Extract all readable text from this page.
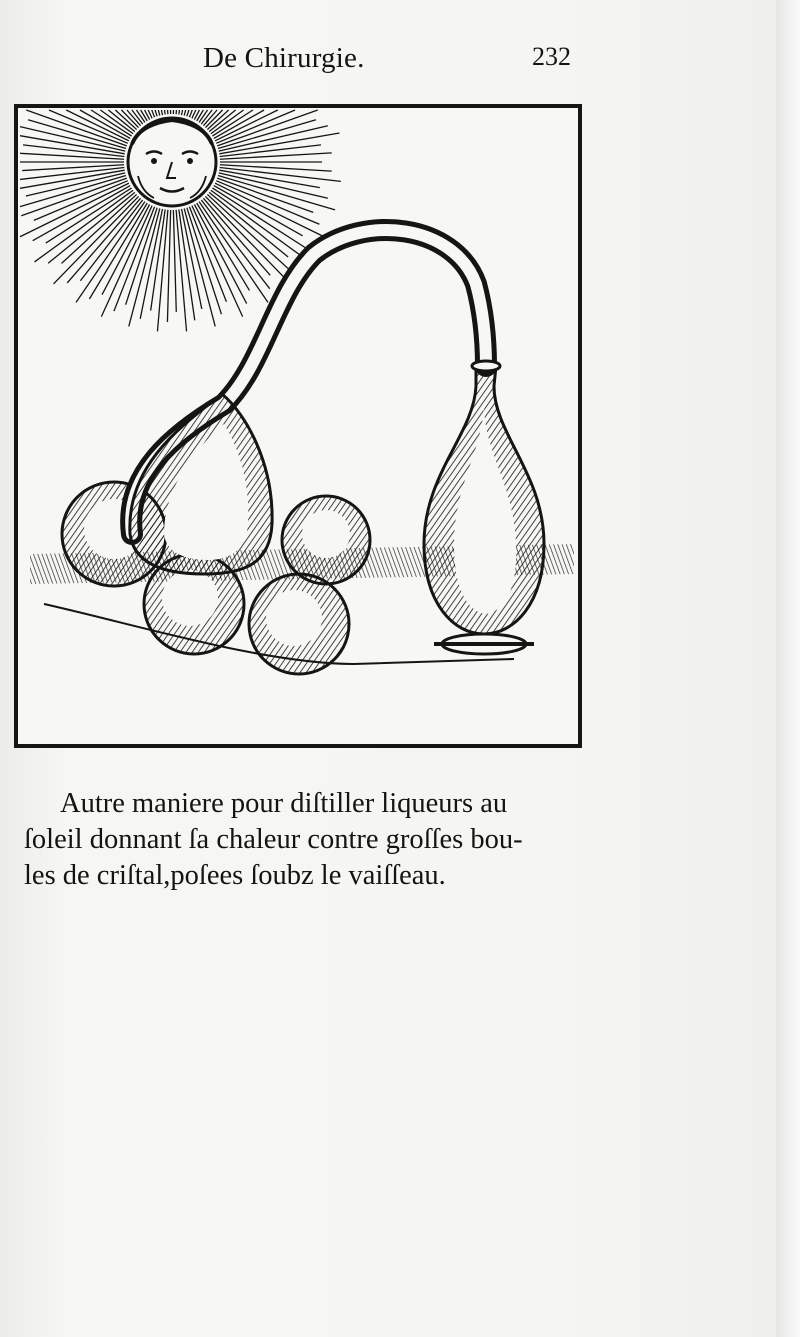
De Chirurgie.	232
Autre maniere pour diſtiller liqueurs au
ſoleil donnant ſa chaleur contre groſſes bou-
les de criſtal,poſees ſoubz le vaiſſeau.
